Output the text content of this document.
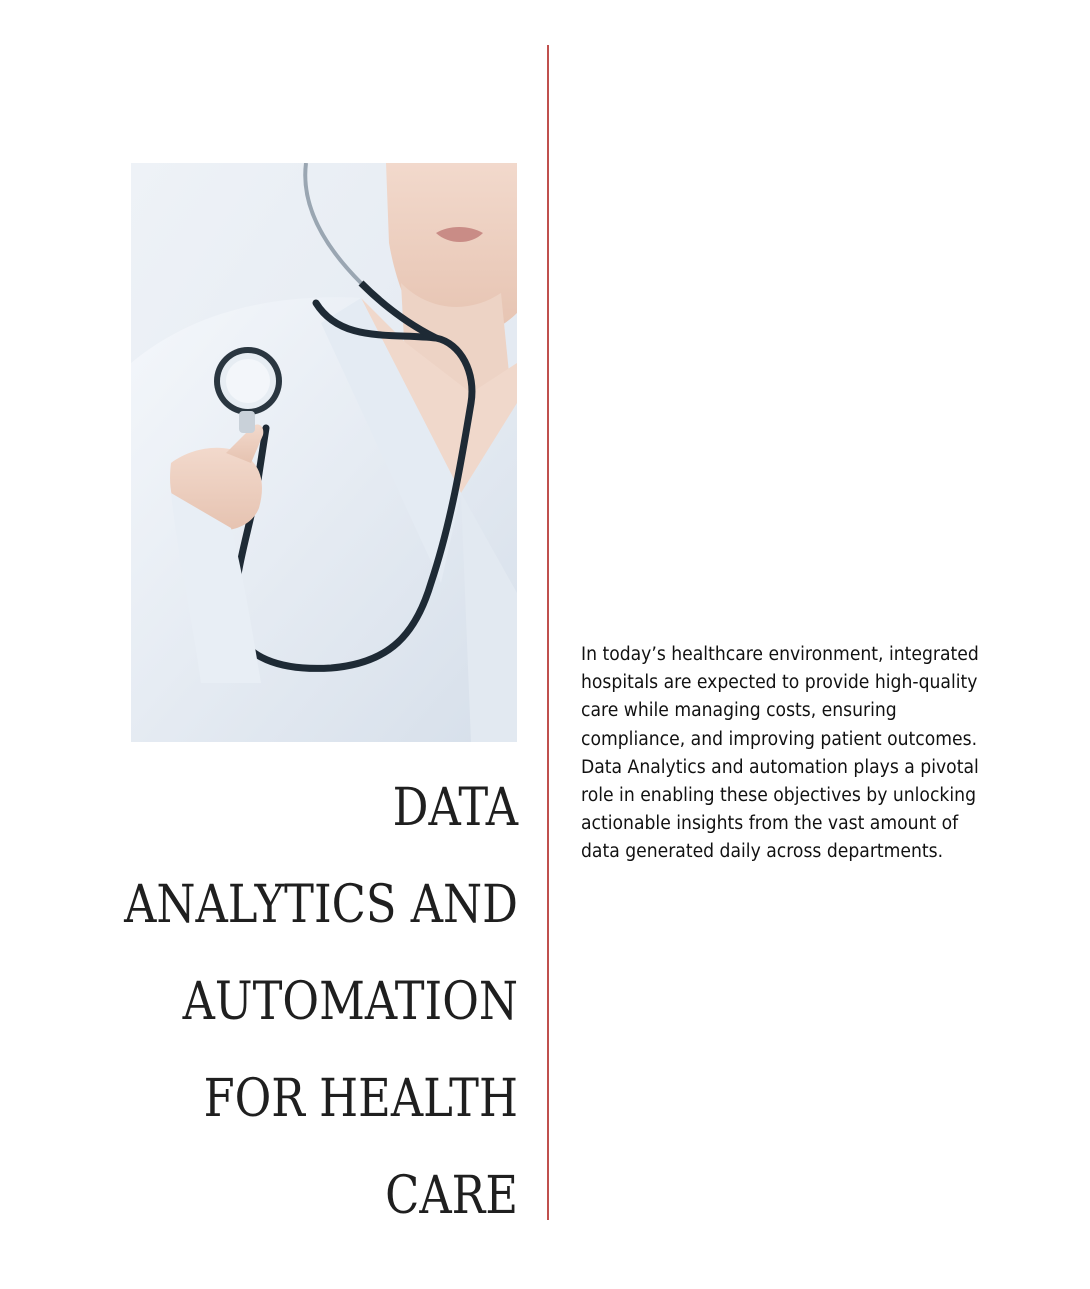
DATA
ANALYTICS AND
AUTOMATION
FOR HEALTH
CARE
In today’s healthcare environment, integrated
hospitals are expected to provide high-quality
care while managing costs, ensuring
compliance, and improving patient outcomes.
Data Analytics and automation plays a pivotal
role in enabling these objectives by unlocking
actionable insights from the vast amount of
data generated daily across departments.
